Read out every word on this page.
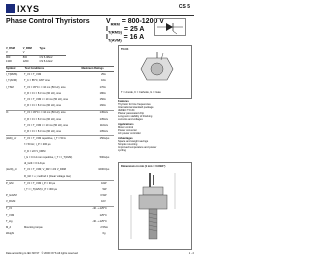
IXYS	CS 5
Phase Control Thyristors $V_{RRM} = 800-1200$ V
$I_{T(RMS)} = 25$ A
$I_{T(AVM)} = 16$ A
V_RSM	V_RRM	Type
V	V
900	800	CS 5-08io2
1300	1200	CS 5-12io2
TO-64
T = Anode, K = Cathode, G = Gate
Symbol	Test Conditions	Maximum Ratings
I_T(RMS)	T_VJ = T_VJM	25 A
I_T(AVM)	T_C = 85°C; 180° sine	16 A
I_TSM	T_VJ = 45°C t = 10 ms (50 Hz), sine	170 A
V_R = 0 t = 8.3 ms (60 Hz), sine	180 A
T_VJ = T_VJM t = 10 ms (50 Hz), sine	150 A
V_R = 0 t = 8.3 ms (60 Hz), sine	160 A
I²t	T_VJ = 45°C t = 10 ms (50 Hz), sine	145 A²s
V_R = 0 t = 8.3 ms (60 Hz), sine	135 A²s
T_VJ = T_VJM t = 10 ms (50 Hz), sine	110 A²s
V_R = 0 t = 8.3 ms (60 Hz), sine	105 A²s
(di/dt)_cr	T_VJ = T_VJM repetitive, I_T = 50 A	150 A/µs
f = 50 Hz, t_P = 200 µs
V_D = 2/3 V_DRM
I_G = 0.3 A non repetitive, I_T = I_T(AVM)	500 A/µs
di_G/dt = 0.3 A/µs
(dv/dt)_cr	T_VJ = T_VJM; V_DR = 2/3 V_DRM	1000 V/µs
R_GK = ∞; method 1 (linear voltage rise)
P_GM	T_VJ = T_VJM t_P = 30 µs	10 W
I_T = I_T(AVM) t_P = 300 µs	5 W
P_GAVM	0.5 W
V_RGM	10 V
T_VJ	-40...+125 °C
T_VJM	125 °C
T_stg	-40...+125 °C
M_d	Mounting torque	2.5 Nm
Weight	6 g
Features
Thyristor for line frequencies
International standard package
JEDEC TO-64
Planar passivated chip
Long-term stability of blocking
currents and voltages
Applications
Motor control
Power converter
AC power controller
Advantages
Space and weight savings
Simple mounting
Improved temperature and power
cycling
Dimensions in mm (1 mm = 0.0394")
Data according to IEC 60747 © 2000 IXYS All rights reserved	1 - 2
